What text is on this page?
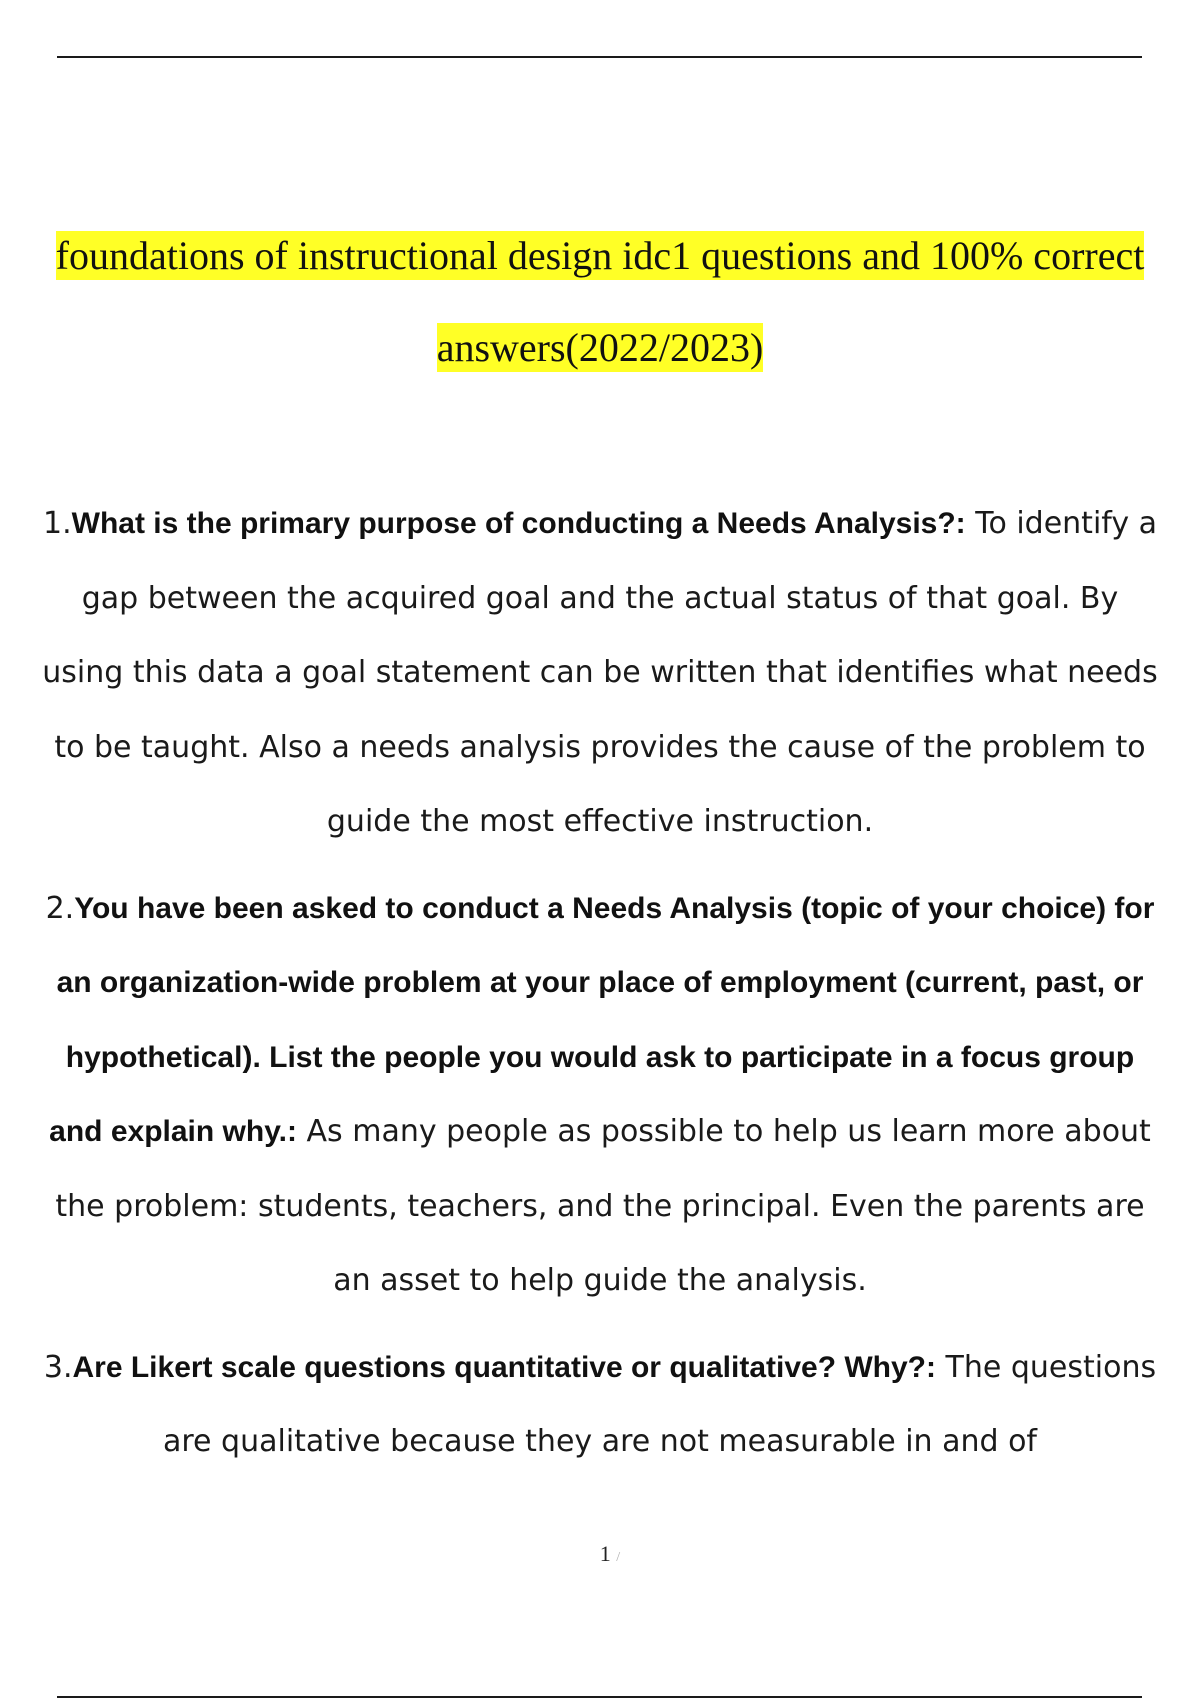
foundations of instructional design idc1 questions and 100% correct
answers(2022/2023)
1.What is the primary purpose of conducting a Needs Analysis?: To identify a gap between the acquired goal and the actual status of that goal. By using this data a goal statement can be written that identifies what needs to be taught. Also a needs analysis provides the cause of the problem to guide the most effective instruction.
2.You have been asked to conduct a Needs Analysis (topic of your choice) for an organization-wide problem at your place of employment (current, past, or hypothetical). List the people you would ask to participate in a focus group and explain why.: As many people as possible to help us learn more about the problem: students, teachers, and the principal. Even the parents are an asset to help guide the analysis.
3.Are Likert scale questions quantitative or qualitative? Why?: The questions are qualitative because they are not measurable in and of
1 /
